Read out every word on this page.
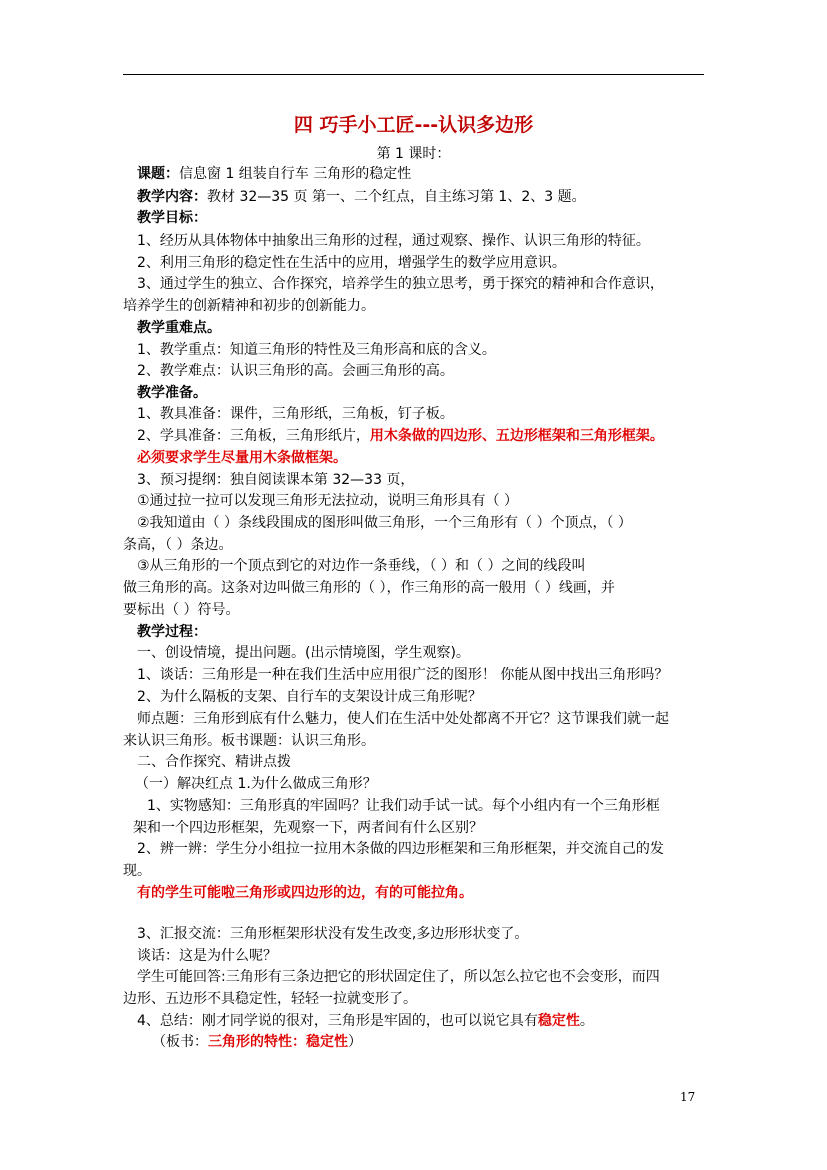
四 巧手小工匠---认识多边形
第 1 课时：
课题：信息窗 1 组装自行车 三角形的稳定性
教学内容：教材 32—35 页 第一、二个红点，自主练习第 1、2、3 题。
教学目标：
1、经历从具体物体中抽象出三角形的过程，通过观察、操作、认识三角形的特征。
2、利用三角形的稳定性在生活中的应用，增强学生的数学应用意识。
3、通过学生的独立、合作探究，培养学生的独立思考，勇于探究的精神和合作意识，
培养学生的创新精神和初步的创新能力。
教学重难点。
1、教学重点：知道三角形的特性及三角形高和底的含义。
2、教学难点：认识三角形的高。会画三角形的高。
教学准备。
1、教具准备：课件，三角形纸，三角板，钉子板。
2、学具准备：三角板，三角形纸片，用木条做的四边形、五边形框架和三角形框架。
必须要求学生尽量用木条做框架。
3、预习提纲：独自阅读课本第 32—33 页，
①通过拉一拉可以发现三角形无法拉动，说明三角形具有（ ）
②我知道由（ ）条线段围成的图形叫做三角形，一个三角形有（ ）个顶点，（ ）
条高，（ ）条边。
③从三角形的一个顶点到它的对边作一条垂线，（ ）和（ ）之间的线段叫
做三角形的高。这条对边叫做三角形的（ ），作三角形的高一般用（ ）线画，并
要标出（ ）符号。
教学过程：
一、创设情境，提出问题。(出示情境图，学生观察)。
1、谈话：三角形是一种在我们生活中应用很广泛的图形！ 你能从图中找出三角形吗？
2、为什么隔板的支架、自行车的支架设计成三角形呢？
师点题：三角形到底有什么魅力，使人们在生活中处处都离不开它？这节课我们就一起
来认识三角形。板书课题：认识三角形。
二、合作探究、精讲点拨
（一）解决红点 1.为什么做成三角形？
1、实物感知：三角形真的牢固吗？让我们动手试一试。每个小组内有一个三角形框
架和一个四边形框架，先观察一下，两者间有什么区别？
2、辨一辨：学生分小组拉一拉用木条做的四边形框架和三角形框架，并交流自己的发
现。
有的学生可能啦三角形或四边形的边，有的可能拉角。
3、汇报交流：三角形框架形状没有发生改变,多边形形状变了。
谈话：这是为什么呢？
学生可能回答:三角形有三条边把它的形状固定住了，所以怎么拉它也不会变形，而四
边形、五边形不具稳定性，轻轻一拉就变形了。
4、总结：刚才同学说的很对，三角形是牢固的，也可以说它具有稳定性。
（板书：三角形的特性：稳定性）
17
